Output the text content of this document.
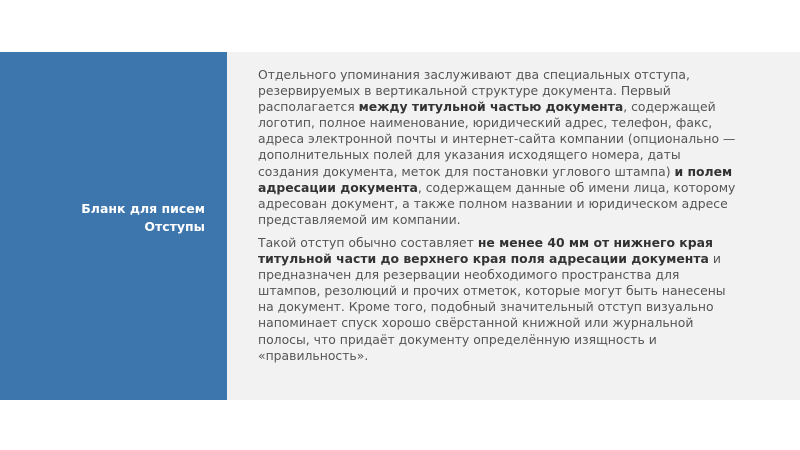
Бланк для писем
Отступы

Отдельного упоминания заслуживают два специальных отступа, резервируемых в вертикальной структуре документа. Первый располагается между титульной частью документа, содержащей логотип, полное наименование, юридический адрес, телефон, факс, адреса электронной почты и интернет-сайта компании (опционально — дополнительных полей для указания исходящего номера, даты создания документа, меток для постановки углового штампа) и полем адресации документа, содержащем данные об имени лица, которому адресован документ, а также полном названии и юридическом адресе представляемой им компании.

Такой отступ обычно составляет не менее 40 мм от нижнего края титульной части до верхнего края поля адресации документа и предназначен для резервации необходимого пространства для штампов, резолюций и прочих отметок, которые могут быть нанесены на документ. Кроме того, подобный значительный отступ визуально напоминает спуск хорошо свёрстанной книжной или журнальной полосы, что придаёт документу определённую изящность и «правильность».
